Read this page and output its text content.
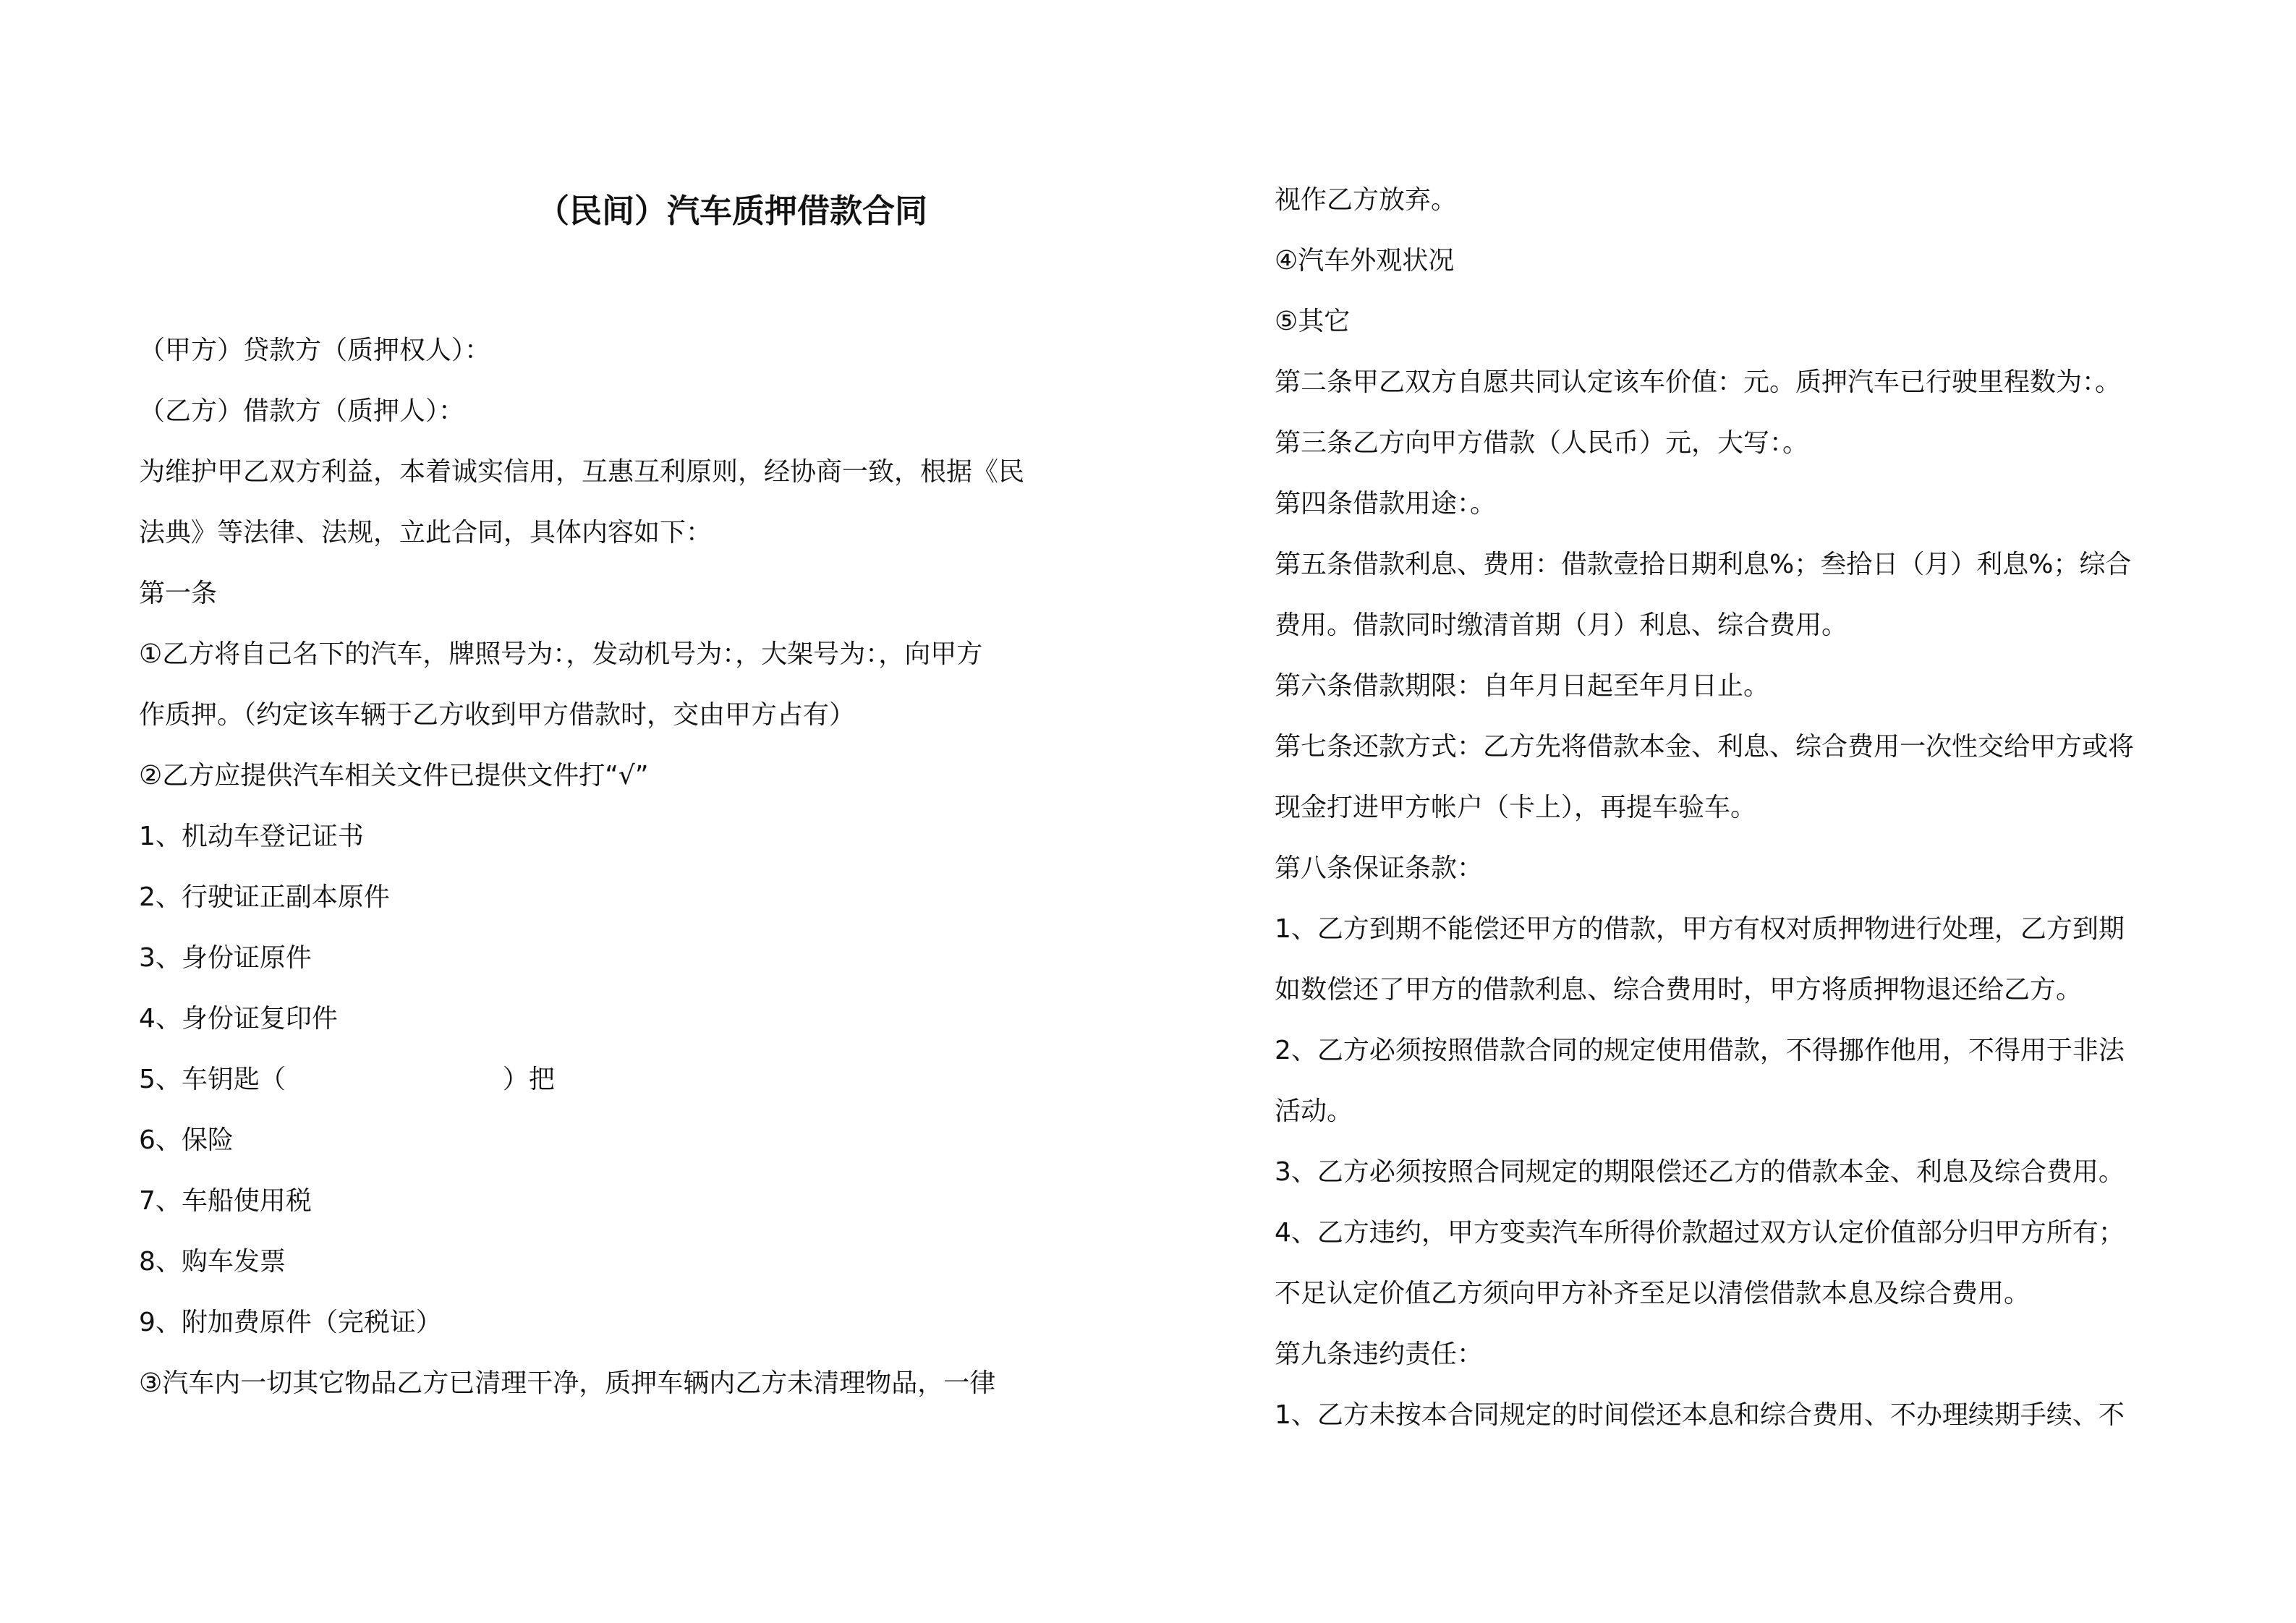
（民间）汽车质押借款合同

（甲方）贷款方（质押权人）：

（乙方）借款方（质押人）：

为维护甲乙双方利益，本着诚实信用，互惠互利原则，经协商一致，根据《民

法典》等法律、法规，立此合同，具体内容如下：

第一条

①乙方将自己名下的汽车，牌照号为：，发动机号为：，大架号为：，向甲方

作质押。（约定该车辆于乙方收到甲方借款时，交由甲方占有）

②乙方应提供汽车相关文件已提供文件打“√”

1、机动车登记证书

2、行驶证正副本原件

3、身份证原件

4、身份证复印件

5、车钥匙（	）把

6、保险

7、车船使用税

8、购车发票

9、附加费原件（完税证）

③汽车内一切其它物品乙方已清理干净，质押车辆内乙方未清理物品，一律

视作乙方放弃。

④汽车外观状况

⑤其它

第二条甲乙双方自愿共同认定该车价值：元。质押汽车已行驶里程数为：。

第三条乙方向甲方借款（人民币）元，大写：。

第四条借款用途：。

第五条借款利息、费用：借款壹拾日期利息%；叁拾日（月）利息%；综合

费用。借款同时缴清首期（月）利息、综合费用。

第六条借款期限：自年月日起至年月日止。

第七条还款方式：乙方先将借款本金、利息、综合费用一次性交给甲方或将

现金打进甲方帐户（卡上），再提车验车。

第八条保证条款：

1、乙方到期不能偿还甲方的借款，甲方有权对质押物进行处理，乙方到期

如数偿还了甲方的借款利息、综合费用时，甲方将质押物退还给乙方。

2、乙方必须按照借款合同的规定使用借款，不得挪作他用，不得用于非法

活动。

3、乙方必须按照合同规定的期限偿还乙方的借款本金、利息及综合费用。

4、乙方违约，甲方变卖汽车所得价款超过双方认定价值部分归甲方所有；

不足认定价值乙方须向甲方补齐至足以清偿借款本息及综合费用。

第九条违约责任：

1、乙方未按本合同规定的时间偿还本息和综合费用、不办理续期手续、不
